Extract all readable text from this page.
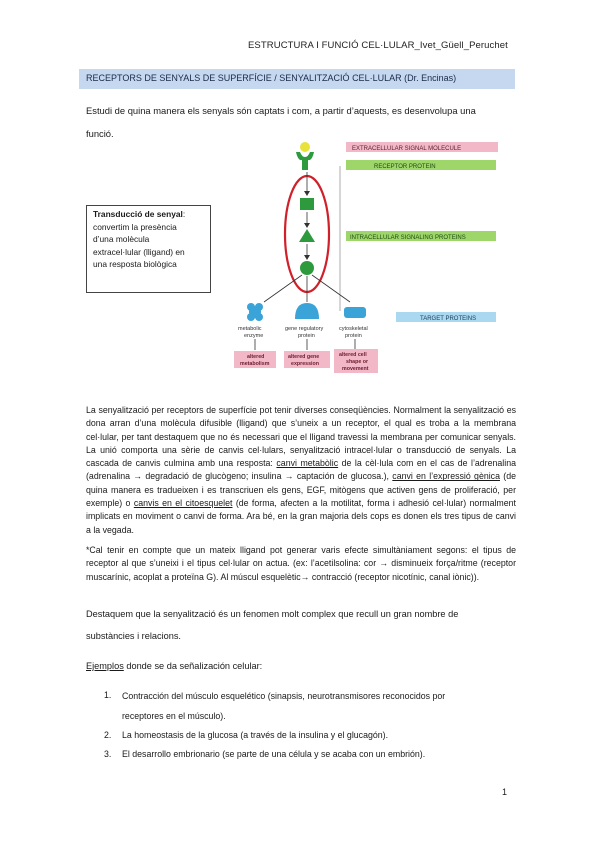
ESTRUCTURA I FUNCIÓ CEL·LULAR_Ivet_Güell_Peruchet
RECEPTORS DE SENYALS DE SUPERFÍCIE / SENYALITZACIÓ CEL·LULAR (Dr. Encinas)
Estudi de quina manera els senyals són captats i com, a partir d’aquests, es desenvolupa una
funció.
EXTRACELLULAR SIGNAL MOLECULE
RECEPTOR PROTEIN
INTRACELLULAR SIGNALING PROTEINS
TARGET PROTEINS
metabolic
enzyme
gene regulatory
protein
cytoskeletal
protein
altered
metabolism
altered gene
expression
altered cell
shape or
movement
Transducció de senyal:
convertim la presència
d’una molècula
extracel·lular (lligand) en
una resposta biològica
La senyalització per receptors de superfície pot tenir diverses conseqüències. Normalment la senyalització es dona arran d’una molècula difusible (lligand) que s’uneix a un receptor, el qual es troba a la membrana cel·lular, per tant destaquem que no és necessari que el lligand travessi la membrana per comunicar senyals. La unió comporta una sèrie de canvis cel·lulars, senyalització intracel·lular o transducció de senyals. La cascada de canvis culmina amb una resposta: canvi metabòlic de la cèl·lula com en el cas de l’adrenalina (adrenalina → degradació de glucògeno; insulina → captación de glucosa.), canvi en l’expressió gènica (de quina manera es tradueixen i es transcriuen els gens, EGF, mitògens que activen gens de proliferació, per exemple) o canvis en el citoesquelet (de forma, afecten a la motilitat, forma i adhesió cel·lular) normalment implicats en moviment o canvi de forma. Ara bé, en la gran majoria dels cops es donen els tres tipus de canvi a la vegada.
*Cal tenir en compte que un mateix lligand pot generar varis efecte simultàniament segons: el tipus de receptor al que s’uneixi i el tipus cel·lular on actua. (ex: l’acetilsolina: cor → disminueix força/ritme (receptor muscarínic, acoplat a proteïna G). Al múscul esquelètic→ contracció (receptor nicotínic, canal iònic)).
Destaquem que la senyalització és un fenomen molt complex que recull un gran nombre de
substàncies i relacions.
Ejemplos donde se da señalización celular:
1.	Contracción del músculo esquelético (sinapsis, neurotransmisores reconocidos por
receptores en el músculo).
2.	La homeostasis de la glucosa (a través de la insulina y el glucagón).
3.	El desarrollo embrionario (se parte de una célula y se acaba con un embrión).
1
